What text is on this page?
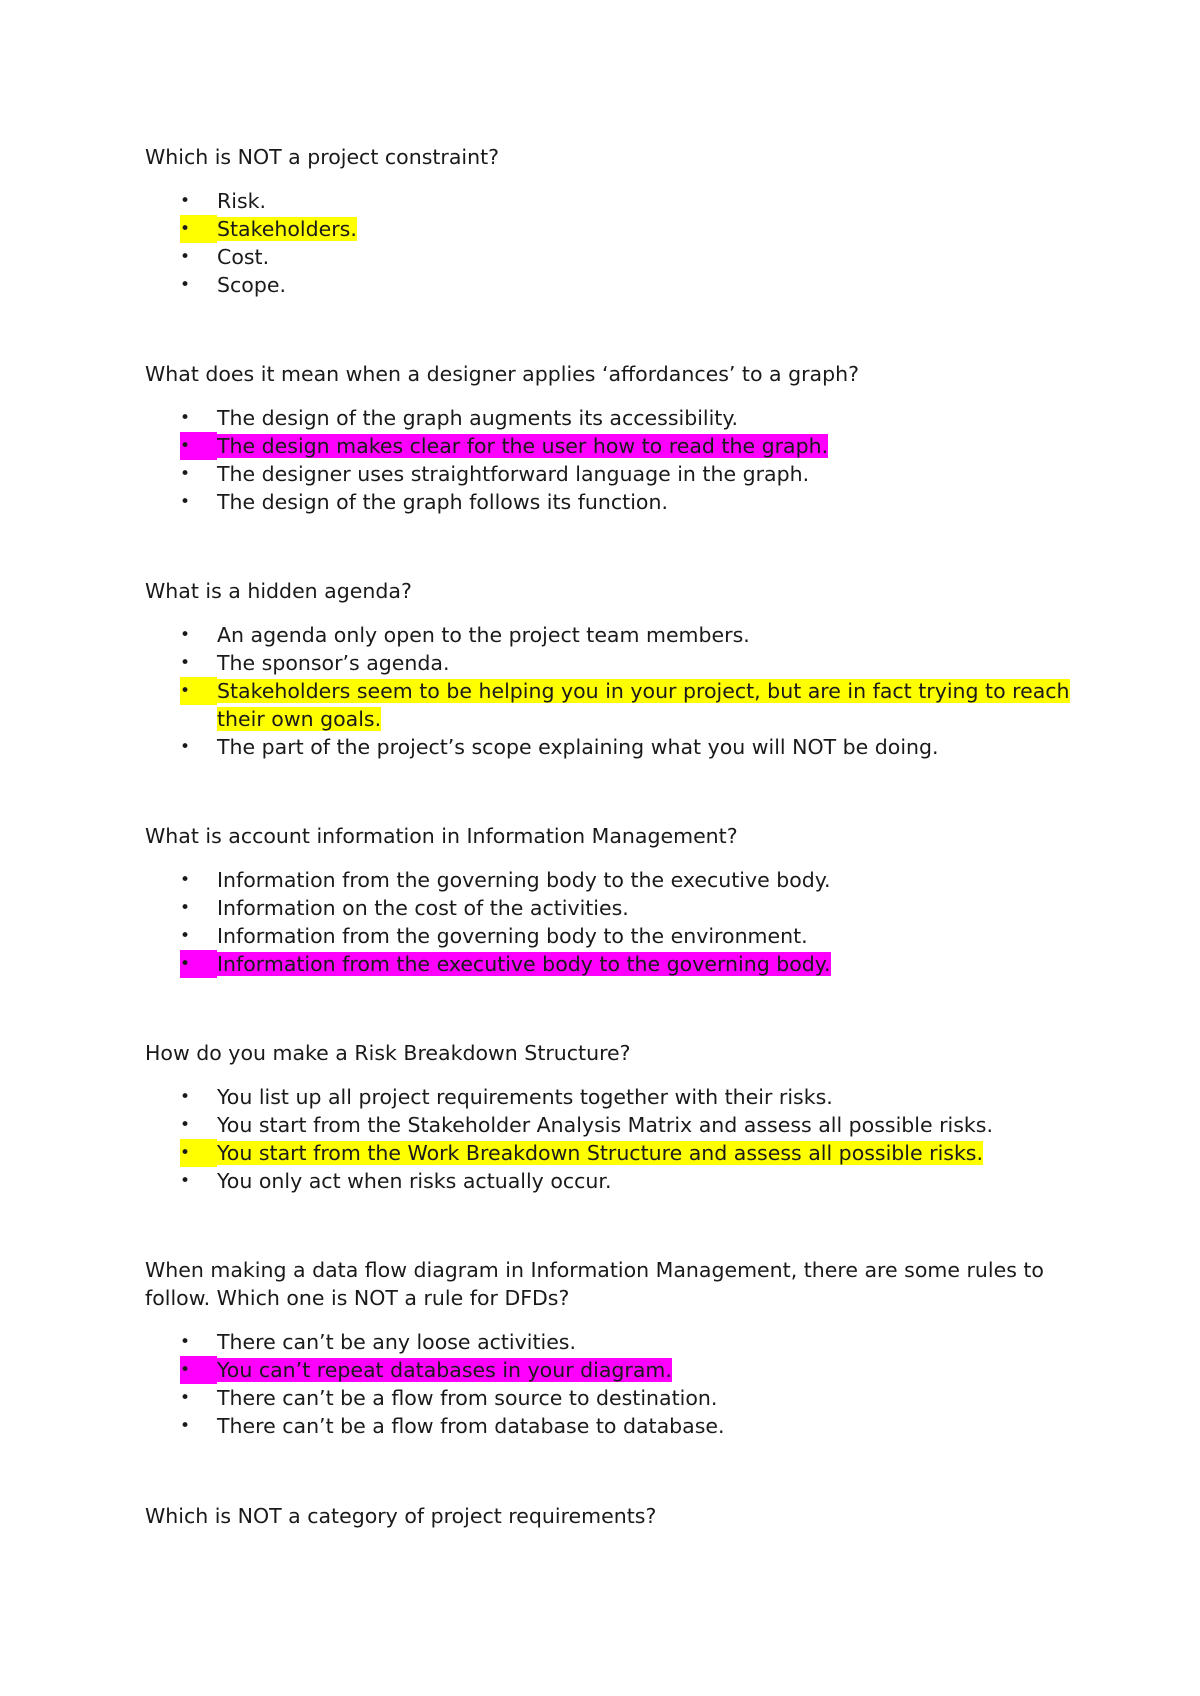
Which is NOT a project constraint?

•	Risk.
•	Stakeholders.
•	Cost.
•	Scope.

What does it mean when a designer applies ‘affordances’ to a graph?

•	The design of the graph augments its accessibility.
•	The design makes clear for the user how to read the graph.
•	The designer uses straightforward language in the graph.
•	The design of the graph follows its function.

What is a hidden agenda?

•	An agenda only open to the project team members.
•	The sponsor’s agenda.
•	Stakeholders seem to be helping you in your project, but are in fact trying to reach their own goals.
•	The part of the project’s scope explaining what you will NOT be doing.

What is account information in Information Management?

•	Information from the governing body to the executive body.
•	Information on the cost of the activities.
•	Information from the governing body to the environment.
•	Information from the executive body to the governing body.

How do you make a Risk Breakdown Structure?

•	You list up all project requirements together with their risks.
•	You start from the Stakeholder Analysis Matrix and assess all possible risks.
•	You start from the Work Breakdown Structure and assess all possible risks.
•	You only act when risks actually occur.

When making a data flow diagram in Information Management, there are some rules to follow. Which one is NOT a rule for DFDs?

•	There can’t be any loose activities.
•	You can’t repeat databases in your diagram.
•	There can’t be a flow from source to destination.
•	There can’t be a flow from database to database.

Which is NOT a category of project requirements?
